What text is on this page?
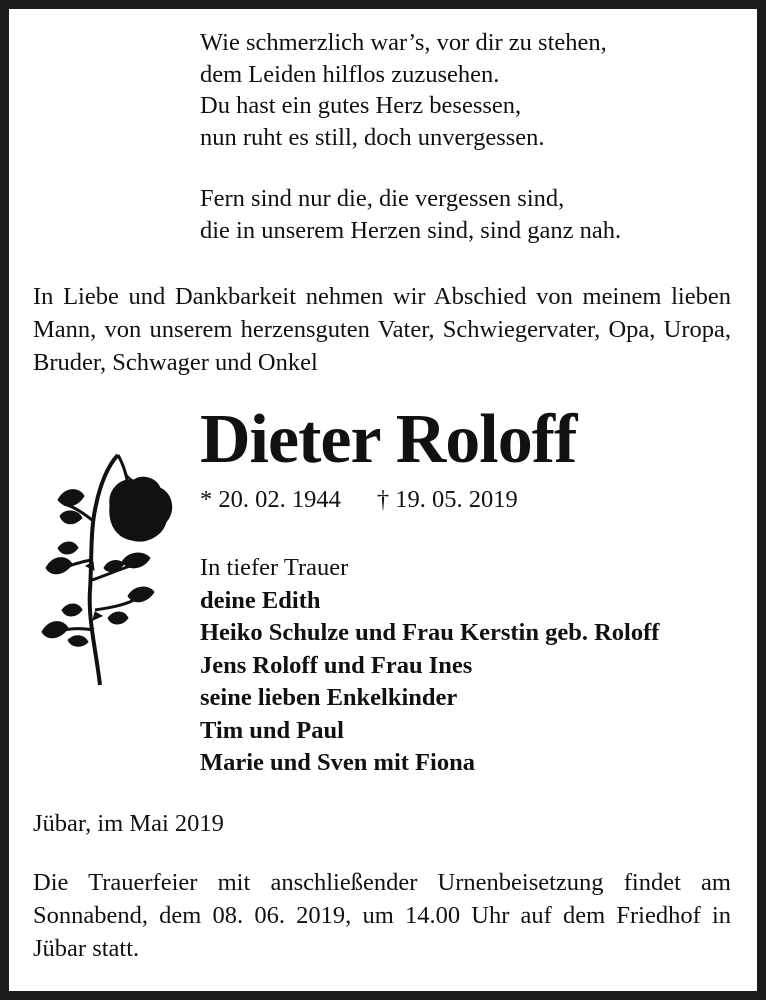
Wie schmerzlich war’s, vor dir zu stehen,
dem Leiden hilflos zuzusehen.
Du hast ein gutes Herz besessen,
nun ruht es still, doch unvergessen.

Fern sind nur die, die vergessen sind,
die in unserem Herzen sind, sind ganz nah.

In Liebe und Dankbarkeit nehmen wir Abschied von meinem lieben Mann, von unserem herzensguten Vater, Schwiegervater, Opa, Uropa, Bruder, Schwager und Onkel
Dieter Roloff
* 20. 02. 1944 † 19. 05. 2019
In tiefer Trauer
deine Edith
Heiko Schulze und Frau Kerstin geb. Roloff
Jens Roloff und Frau Ines
seine lieben Enkelkinder
Tim und Paul
Marie und Sven mit Fiona
Jübar, im Mai 2019
Die Trauerfeier mit anschließender Urnenbeisetzung findet am Sonnabend, dem 08. 06. 2019, um 14.00 Uhr auf dem Friedhof in Jübar statt.
